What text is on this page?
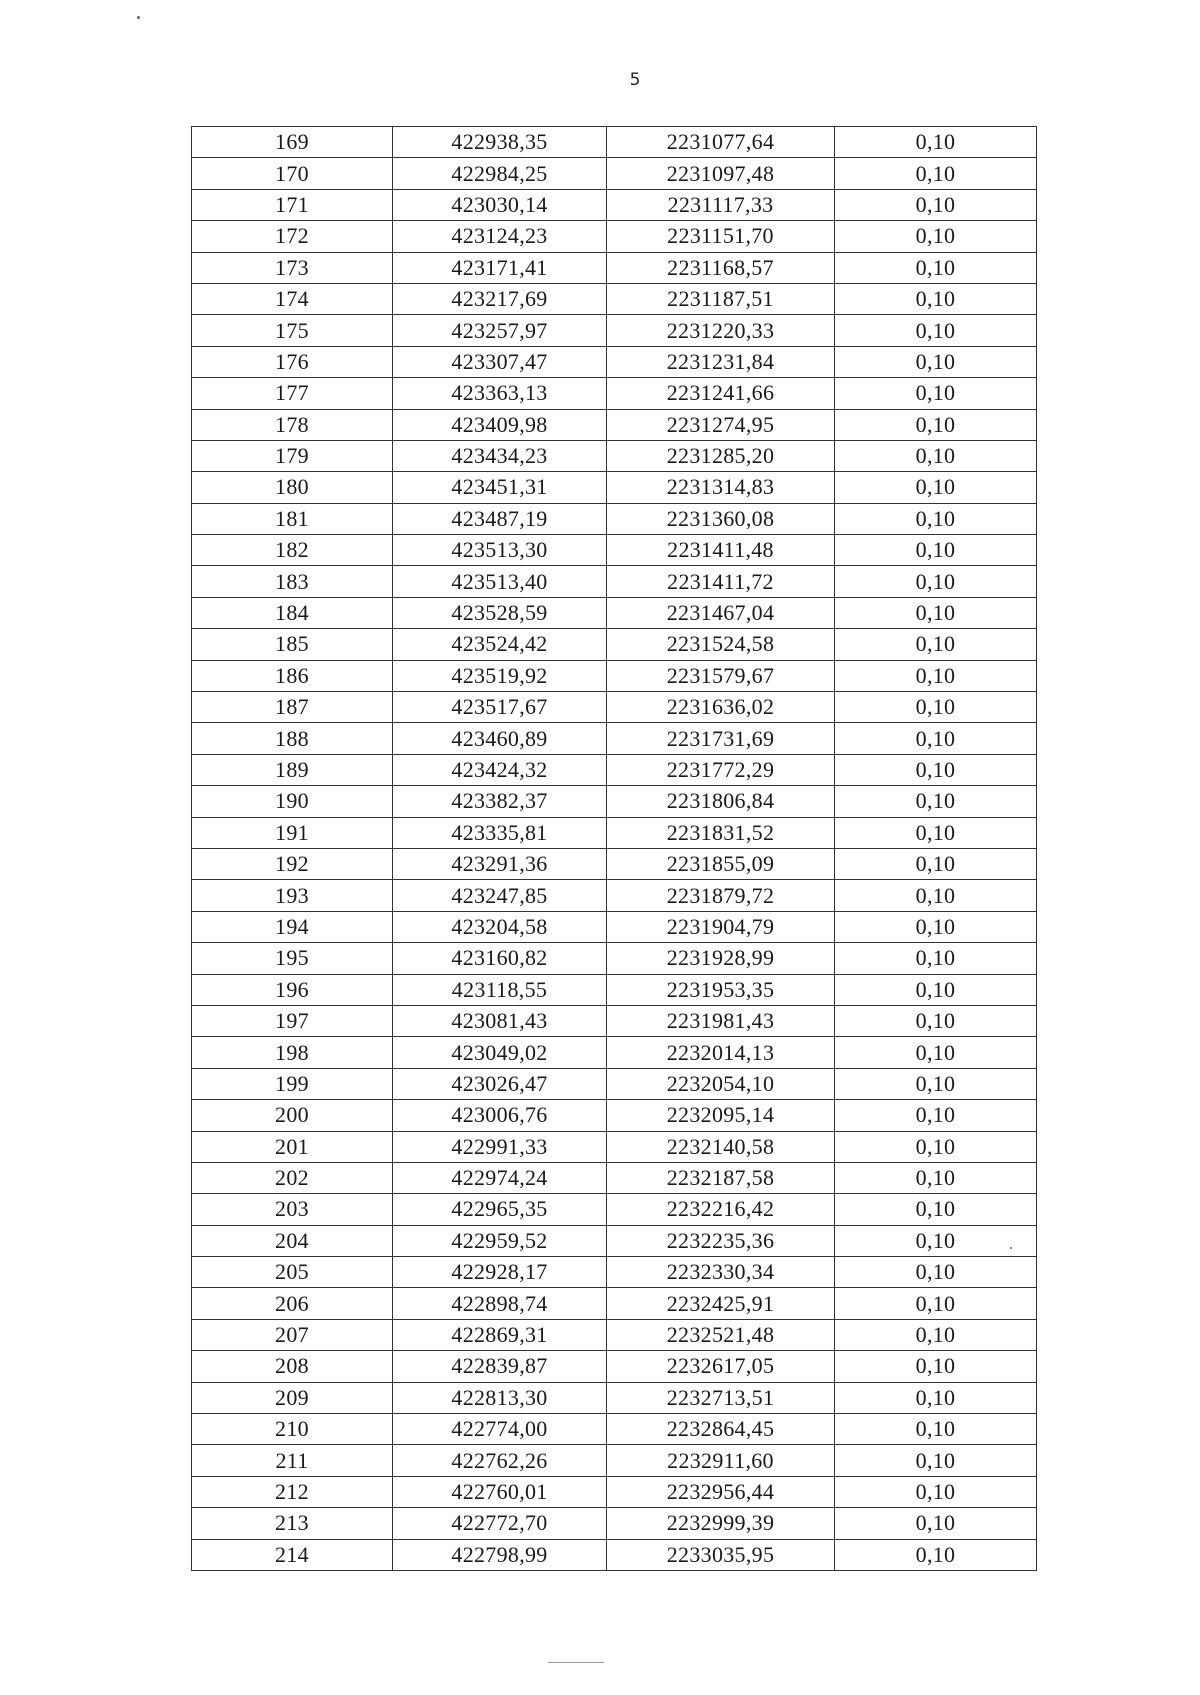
5
169	422938,35	2231077,64	0,10
170	422984,25	2231097,48	0,10
171	423030,14	2231117,33	0,10
172	423124,23	2231151,70	0,10
173	423171,41	2231168,57	0,10
174	423217,69	2231187,51	0,10
175	423257,97	2231220,33	0,10
176	423307,47	2231231,84	0,10
177	423363,13	2231241,66	0,10
178	423409,98	2231274,95	0,10
179	423434,23	2231285,20	0,10
180	423451,31	2231314,83	0,10
181	423487,19	2231360,08	0,10
182	423513,30	2231411,48	0,10
183	423513,40	2231411,72	0,10
184	423528,59	2231467,04	0,10
185	423524,42	2231524,58	0,10
186	423519,92	2231579,67	0,10
187	423517,67	2231636,02	0,10
188	423460,89	2231731,69	0,10
189	423424,32	2231772,29	0,10
190	423382,37	2231806,84	0,10
191	423335,81	2231831,52	0,10
192	423291,36	2231855,09	0,10
193	423247,85	2231879,72	0,10
194	423204,58	2231904,79	0,10
195	423160,82	2231928,99	0,10
196	423118,55	2231953,35	0,10
197	423081,43	2231981,43	0,10
198	423049,02	2232014,13	0,10
199	423026,47	2232054,10	0,10
200	423006,76	2232095,14	0,10
201	422991,33	2232140,58	0,10
202	422974,24	2232187,58	0,10
203	422965,35	2232216,42	0,10
204	422959,52	2232235,36	0,10
205	422928,17	2232330,34	0,10
206	422898,74	2232425,91	0,10
207	422869,31	2232521,48	0,10
208	422839,87	2232617,05	0,10
209	422813,30	2232713,51	0,10
210	422774,00	2232864,45	0,10
211	422762,26	2232911,60	0,10
212	422760,01	2232956,44	0,10
213	422772,70	2232999,39	0,10
214	422798,99	2233035,95	0,10
